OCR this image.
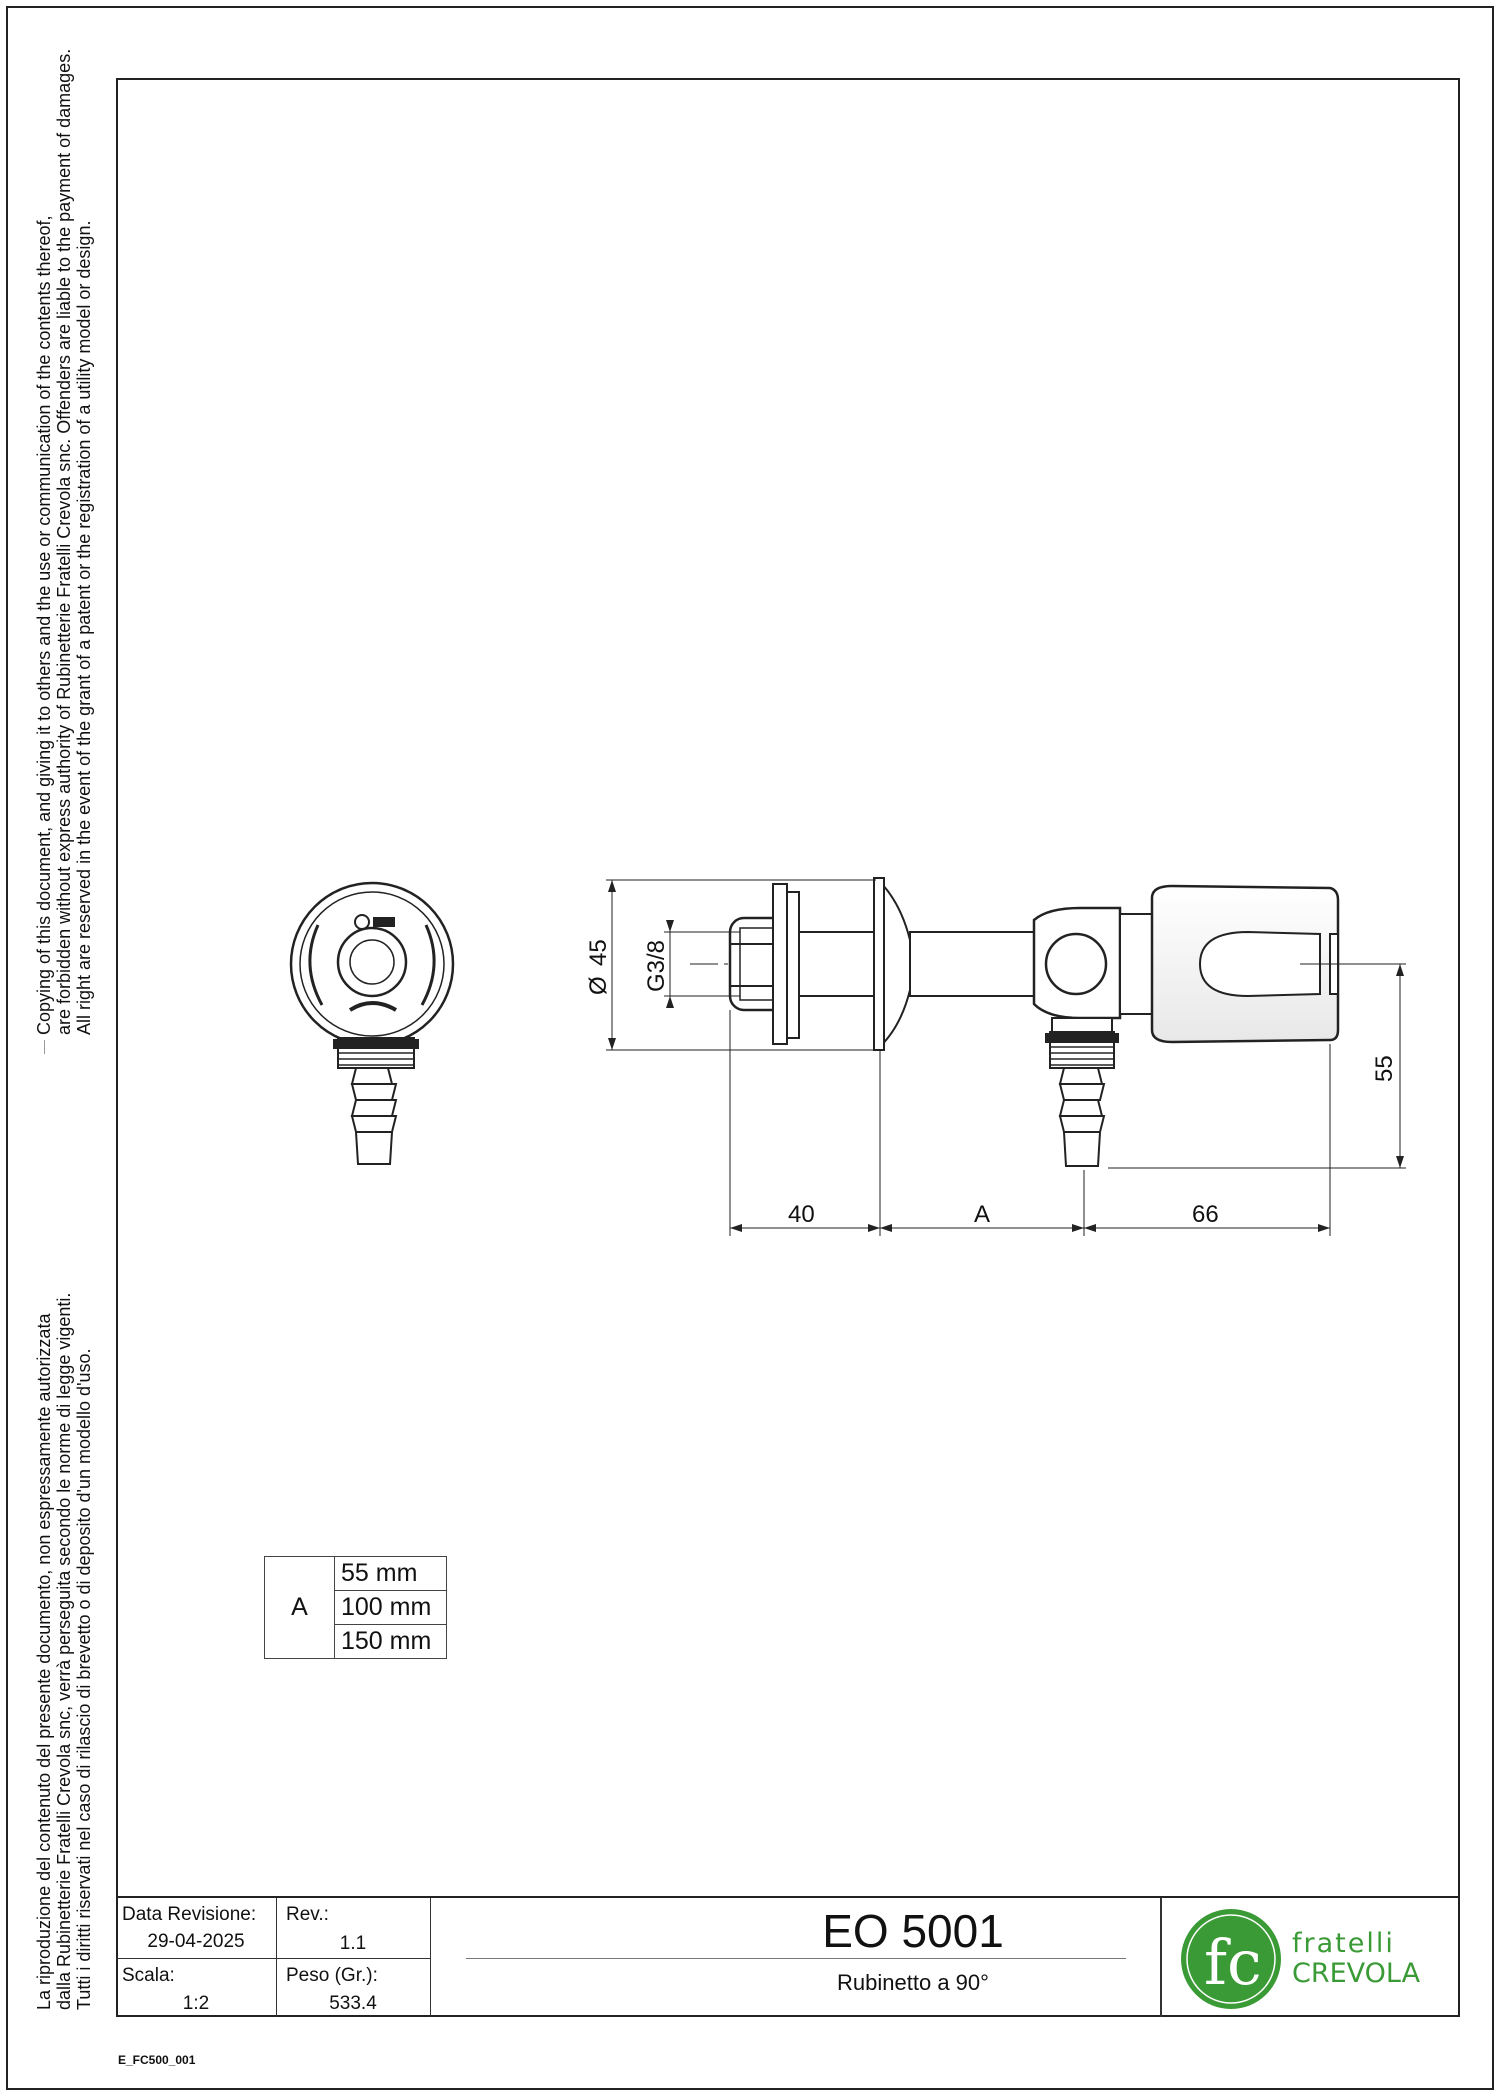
Copying of this document, and giving it to others and the use or communication of the contents thereof, are forbidden without express authority of Rubinetterie Fratelli Crevola snc. Offenders are liable to the payment of damages. All right are reserved in the event of the grant of a patent or the registration of a utility model or design.
La riproduzione del contenuto del presente documento, non espressamente autorizzata dalla Rubinetterie Fratelli Crevola snc, verrà perseguita secondo le norme di legge vigenti. Tutti i diritti riservati nel caso di rilascio di brevetto o di deposito d'un modello d'uso.
Ø
45 G3/8
40	A	66
55
A	55 mm
100 mm
150 mm
Data Revisione:
29-04-2025
Rev.:
1.1
Scala:
1:2
Peso (Gr.):
533.4
EO 5001
Rubinetto a 90°	fc fratelli
CREVOLA
E_FC500_001
